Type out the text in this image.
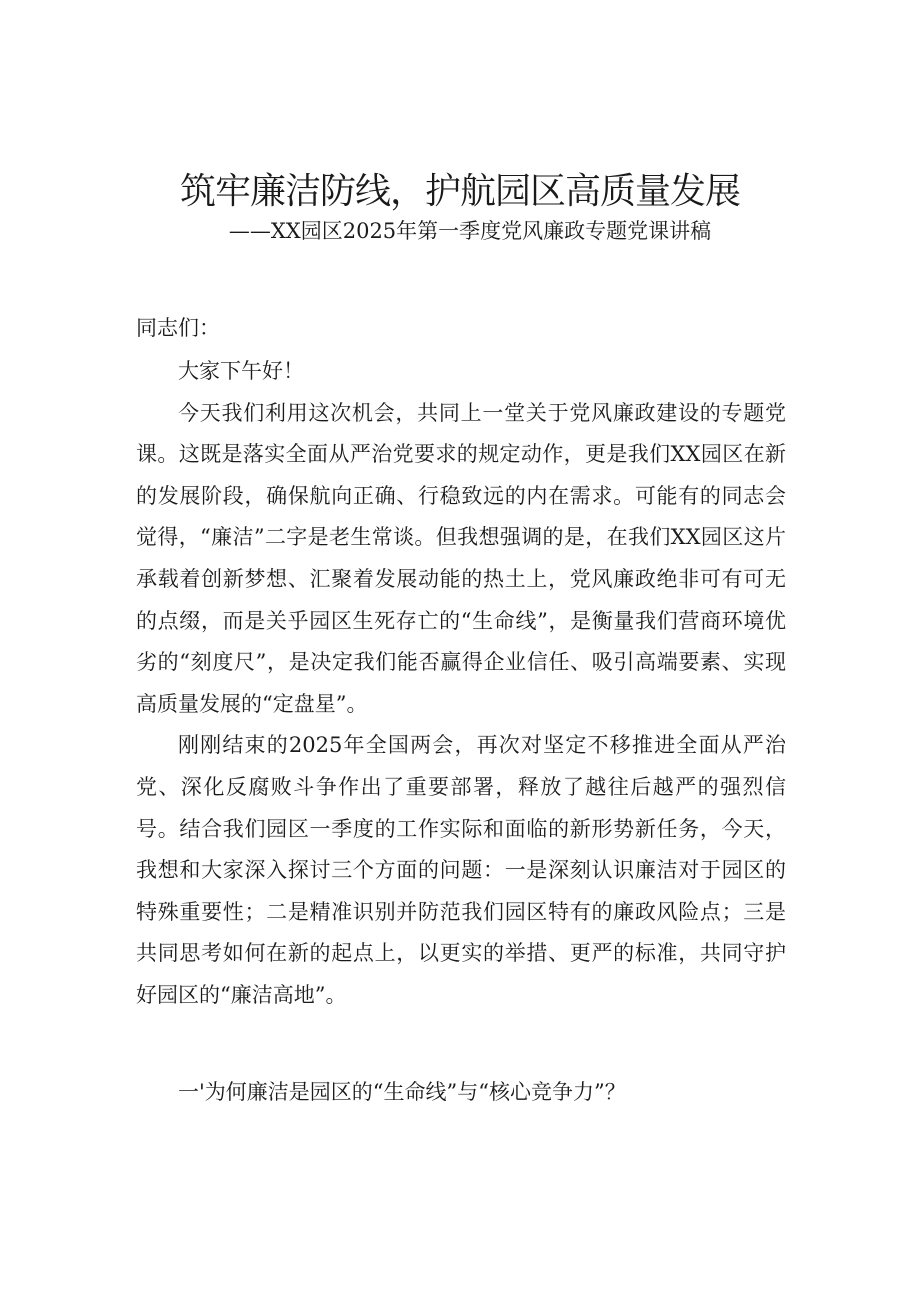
筑牢廉洁防线，护航园区高质量发展
——XX园区2025年第一季度党风廉政专题党课讲稿

同志们：

大家下午好！

今天我们利用这次机会，共同上一堂关于党风廉政建设的专题党课。这既是落实全面从严治党要求的规定动作，更是我们XX园区在新的发展阶段，确保航向正确、行稳致远的内在需求。可能有的同志会觉得，“廉洁”二字是老生常谈。但我想强调的是，在我们XX园区这片承载着创新梦想、汇聚着发展动能的热土上，党风廉政绝非可有可无的点缀，而是关乎园区生死存亡的“生命线”，是衡量我们营商环境优劣的“刻度尺”，是决定我们能否赢得企业信任、吸引高端要素、实现高质量发展的“定盘星”。

刚刚结束的2025年全国两会，再次对坚定不移推进全面从严治党、深化反腐败斗争作出了重要部署，释放了越往后越严的强烈信号。结合我们园区一季度的工作实际和面临的新形势新任务，今天，我想和大家深入探讨三个方面的问题：一是深刻认识廉洁对于园区的特殊重要性；二是精准识别并防范我们园区特有的廉政风险点；三是共同思考如何在新的起点上，以更实的举措、更严的标准，共同守护好园区的“廉洁高地”。

一'为何廉洁是园区的“生命线”与“核心竞争力”？
